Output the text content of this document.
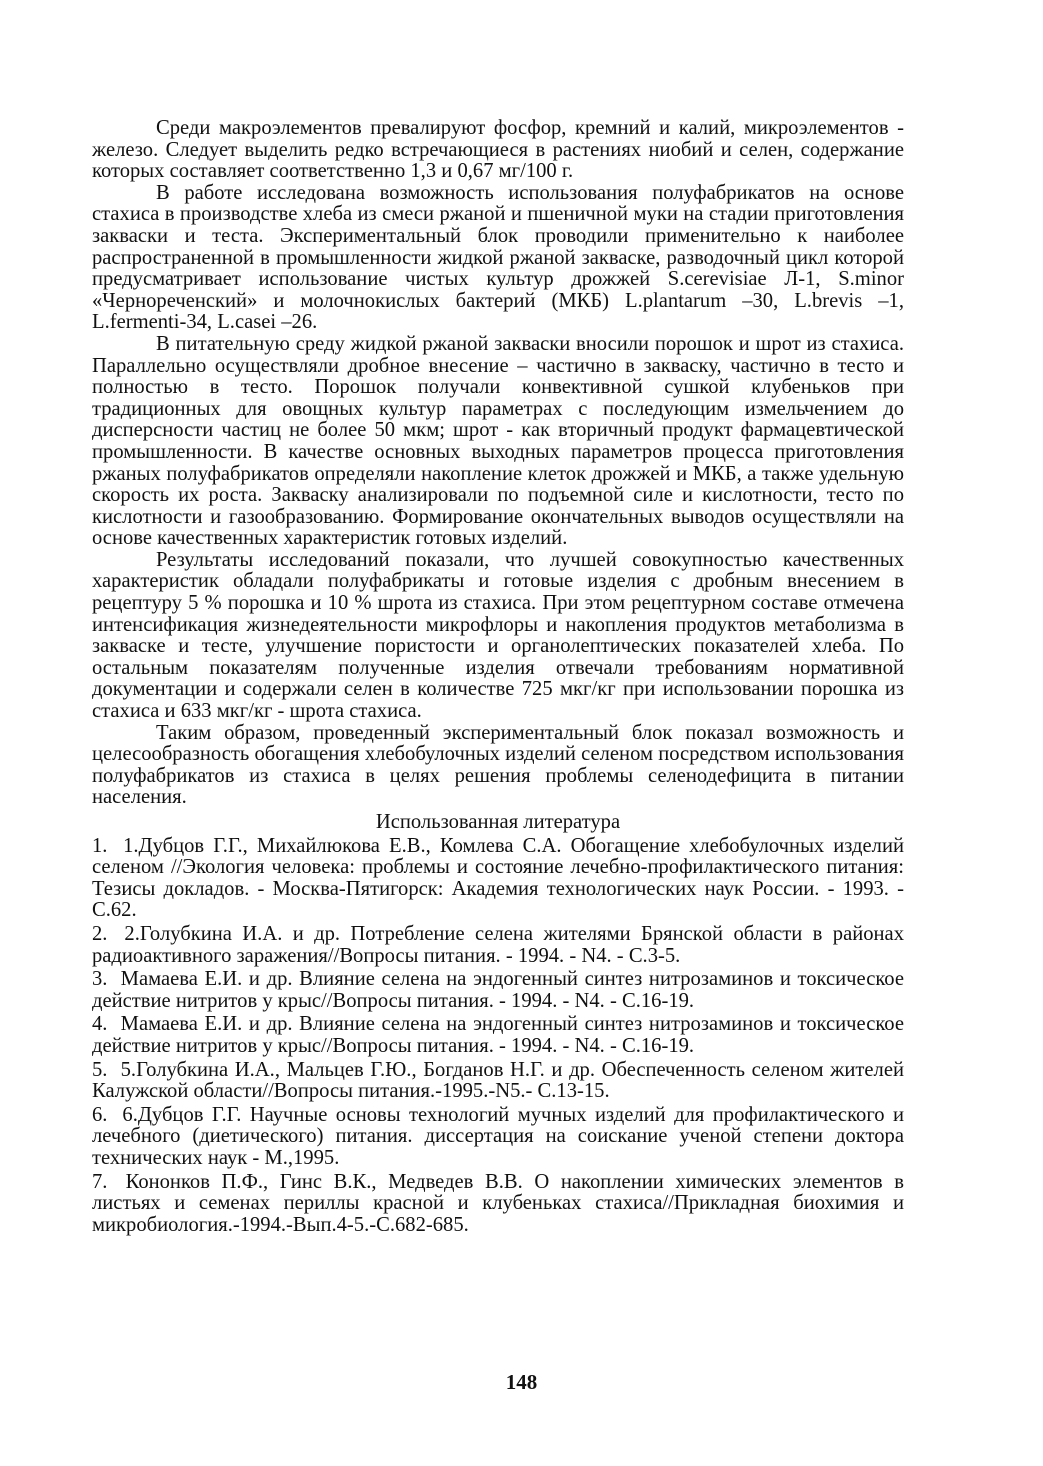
Среди макроэлементов превалируют фосфор, кремний и калий, микроэлементов - железо. Следует выделить редко встречающиеся в растениях ниобий и селен, содержание которых составляет соответственно 1,3 и 0,67 мг/100 г.

В работе исследована возможность использования полуфабрикатов на основе стахиса в производстве хлеба из смеси ржаной и пшеничной муки на стадии приготовления закваски и теста. Экспериментальный блок проводили применительно к наиболее распространенной в промышленности жидкой ржаной закваске, разводочный цикл которой предусматривает использование чистых культур дрожжей S.cerevisiae Л-1, S.minor «Чернореченский» и молочнокислых бактерий (МКБ) L.plantarum –30, L.brevis –1, L.fermenti-34, L.casei –26.

В питательную среду жидкой ржаной закваски вносили порошок и шрот из стахиса. Параллельно осуществляли дробное внесение – частично в закваску, частично в тесто и полностью в тесто. Порошок получали конвективной сушкой клубеньков при традиционных для овощных культур параметрах с последующим измельчением до дисперсности частиц не более 50 мкм; шрот - как вторичный продукт фармацевтической промышленности. В качестве основных выходных параметров процесса приготовления ржаных полуфабрикатов определяли накопление клеток дрожжей и МКБ, а также удельную скорость их роста. Закваску анализировали по подъемной силе и кислотности, тесто по кислотности и газообразованию. Формирование окончательных выводов осуществляли на основе качественных характеристик готовых изделий.

Результаты исследований показали, что лучшей совокупностью качественных характеристик обладали полуфабрикаты и готовые изделия с дробным внесением в рецептуру 5 % порошка и 10 % шрота из стахиса. При этом рецептурном составе отмечена интенсификация жизнедеятельности микрофлоры и накопления продуктов метаболизма в закваске и тесте, улучшение пористости и органолептических показателей хлеба. По остальным показателям полученные изделия отвечали требованиям нормативной документации и содержали селен в количестве 725 мкг/кг при использовании порошка из стахиса и 633 мкг/кг - шрота стахиса.

Таким образом, проведенный экспериментальный блок показал возможность и целесообразность обогащения хлебобулочных изделий селеном посредством использования полуфабрикатов из стахиса в целях решения проблемы селенодефицита в питании населения.

Использованная литература
1. 1.Дубцов Г.Г., Михайлюкова Е.В., Комлева С.А. Обогащение хлебобулочных изделий селеном //Экология человека: проблемы и состояние лечебно-профилактического питания: Тезисы докладов. - Москва-Пятигорск: Академия технологических наук России. - 1993. - С.62.
2. 2.Голубкина И.А. и др. Потребление селена жителями Брянской области в районах радиоактивного заражения//Вопросы питания. - 1994. - N4. - С.3-5.
3. Мамаева Е.И. и др. Влияние селена на эндогенный синтез нитрозаминов и токсическое действие нитритов у крыс//Вопросы питания. - 1994. - N4. - С.16-19.
4. Мамаева Е.И. и др. Влияние селена на эндогенный синтез нитрозаминов и токсическое действие нитритов у крыс//Вопросы питания. - 1994. - N4. - С.16-19.
5. 5.Голубкина И.А., Мальцев Г.Ю., Богданов Н.Г. и др. Обеспеченность селеном жителей Калужской области//Вопросы питания.-1995.-N5.- С.13-15.
6. 6.Дубцов Г.Г. Научные основы технологий мучных изделий для профилактического и лечебного (диетического) питания. диссертация на соискание ученой степени доктора технических наук - М.,1995.
7. Кононков П.Ф., Гинс В.К., Медведев В.В. О накоплении химических элементов в листьях и семенах периллы красной и клубеньках стахиса//Прикладная биохимия и микробиология.-1994.-Вып.4-5.-С.682-685.
148
